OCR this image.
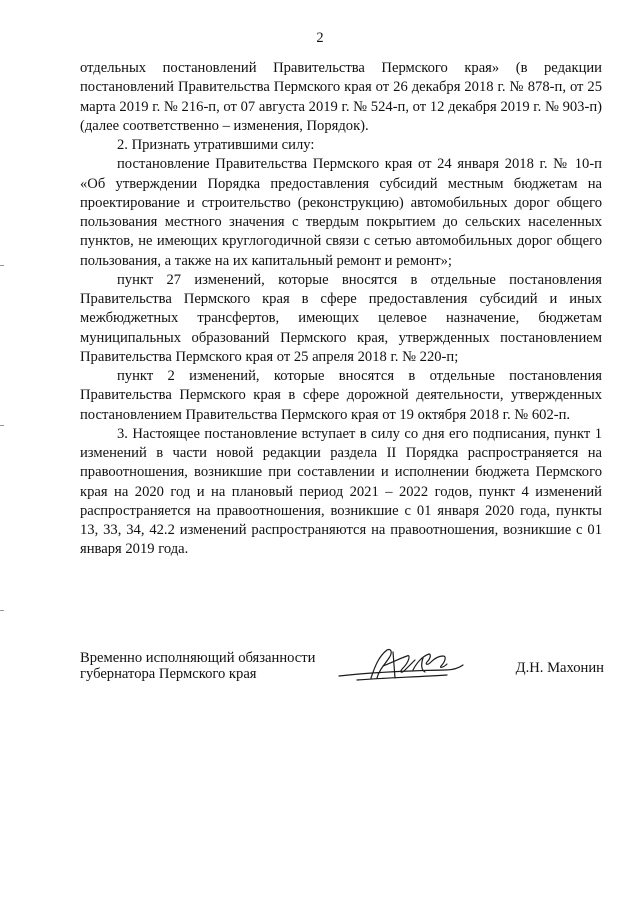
2

отдельных постановлений Правительства Пермского края» (в редакции постановлений Правительства Пермского края от 26 декабря 2018 г. № 878-п, от 25 марта 2019 г. № 216-п, от 07 августа 2019 г. № 524-п, от 12 декабря 2019 г. № 903-п) (далее соответственно – изменения, Порядок).

2. Признать утратившими силу:

постановление Правительства Пермского края от 24 января 2018 г. № 10-п «Об утверждении Порядка предоставления субсидий местным бюджетам на проектирование и строительство (реконструкцию) автомобильных дорог общего пользования местного значения с твердым покрытием до сельских населенных пунктов, не имеющих круглогодичной связи с сетью автомобильных дорог общего пользования, а также на их капитальный ремонт и ремонт»;

пункт 27 изменений, которые вносятся в отдельные постановления Правительства Пермского края в сфере предоставления субсидий и иных межбюджетных трансфертов, имеющих целевое назначение, бюджетам муниципальных образований Пермского края, утвержденных постановлением Правительства Пермского края от 25 апреля 2018 г. № 220-п;

пункт 2 изменений, которые вносятся в отдельные постановления Правительства Пермского края в сфере дорожной деятельности, утвержденных постановлением Правительства Пермского края от 19 октября 2018 г. № 602-п.

3. Настоящее постановление вступает в силу со дня его подписания, пункт 1 изменений в части новой редакции раздела II Порядка распространяется на правоотношения, возникшие при составлении и исполнении бюджета Пермского края на 2020 год и на плановый период 2021 – 2022 годов, пункт 4 изменений распространяется на правоотношения, возникшие с 01 января 2020 года, пункты 13, 33, 34, 42.2 изменений распространяются на правоотношения, возникшие с 01 января 2019 года.

Временно исполняющий обязанности
губернатора Пермского края	Д.Н. Махонин
